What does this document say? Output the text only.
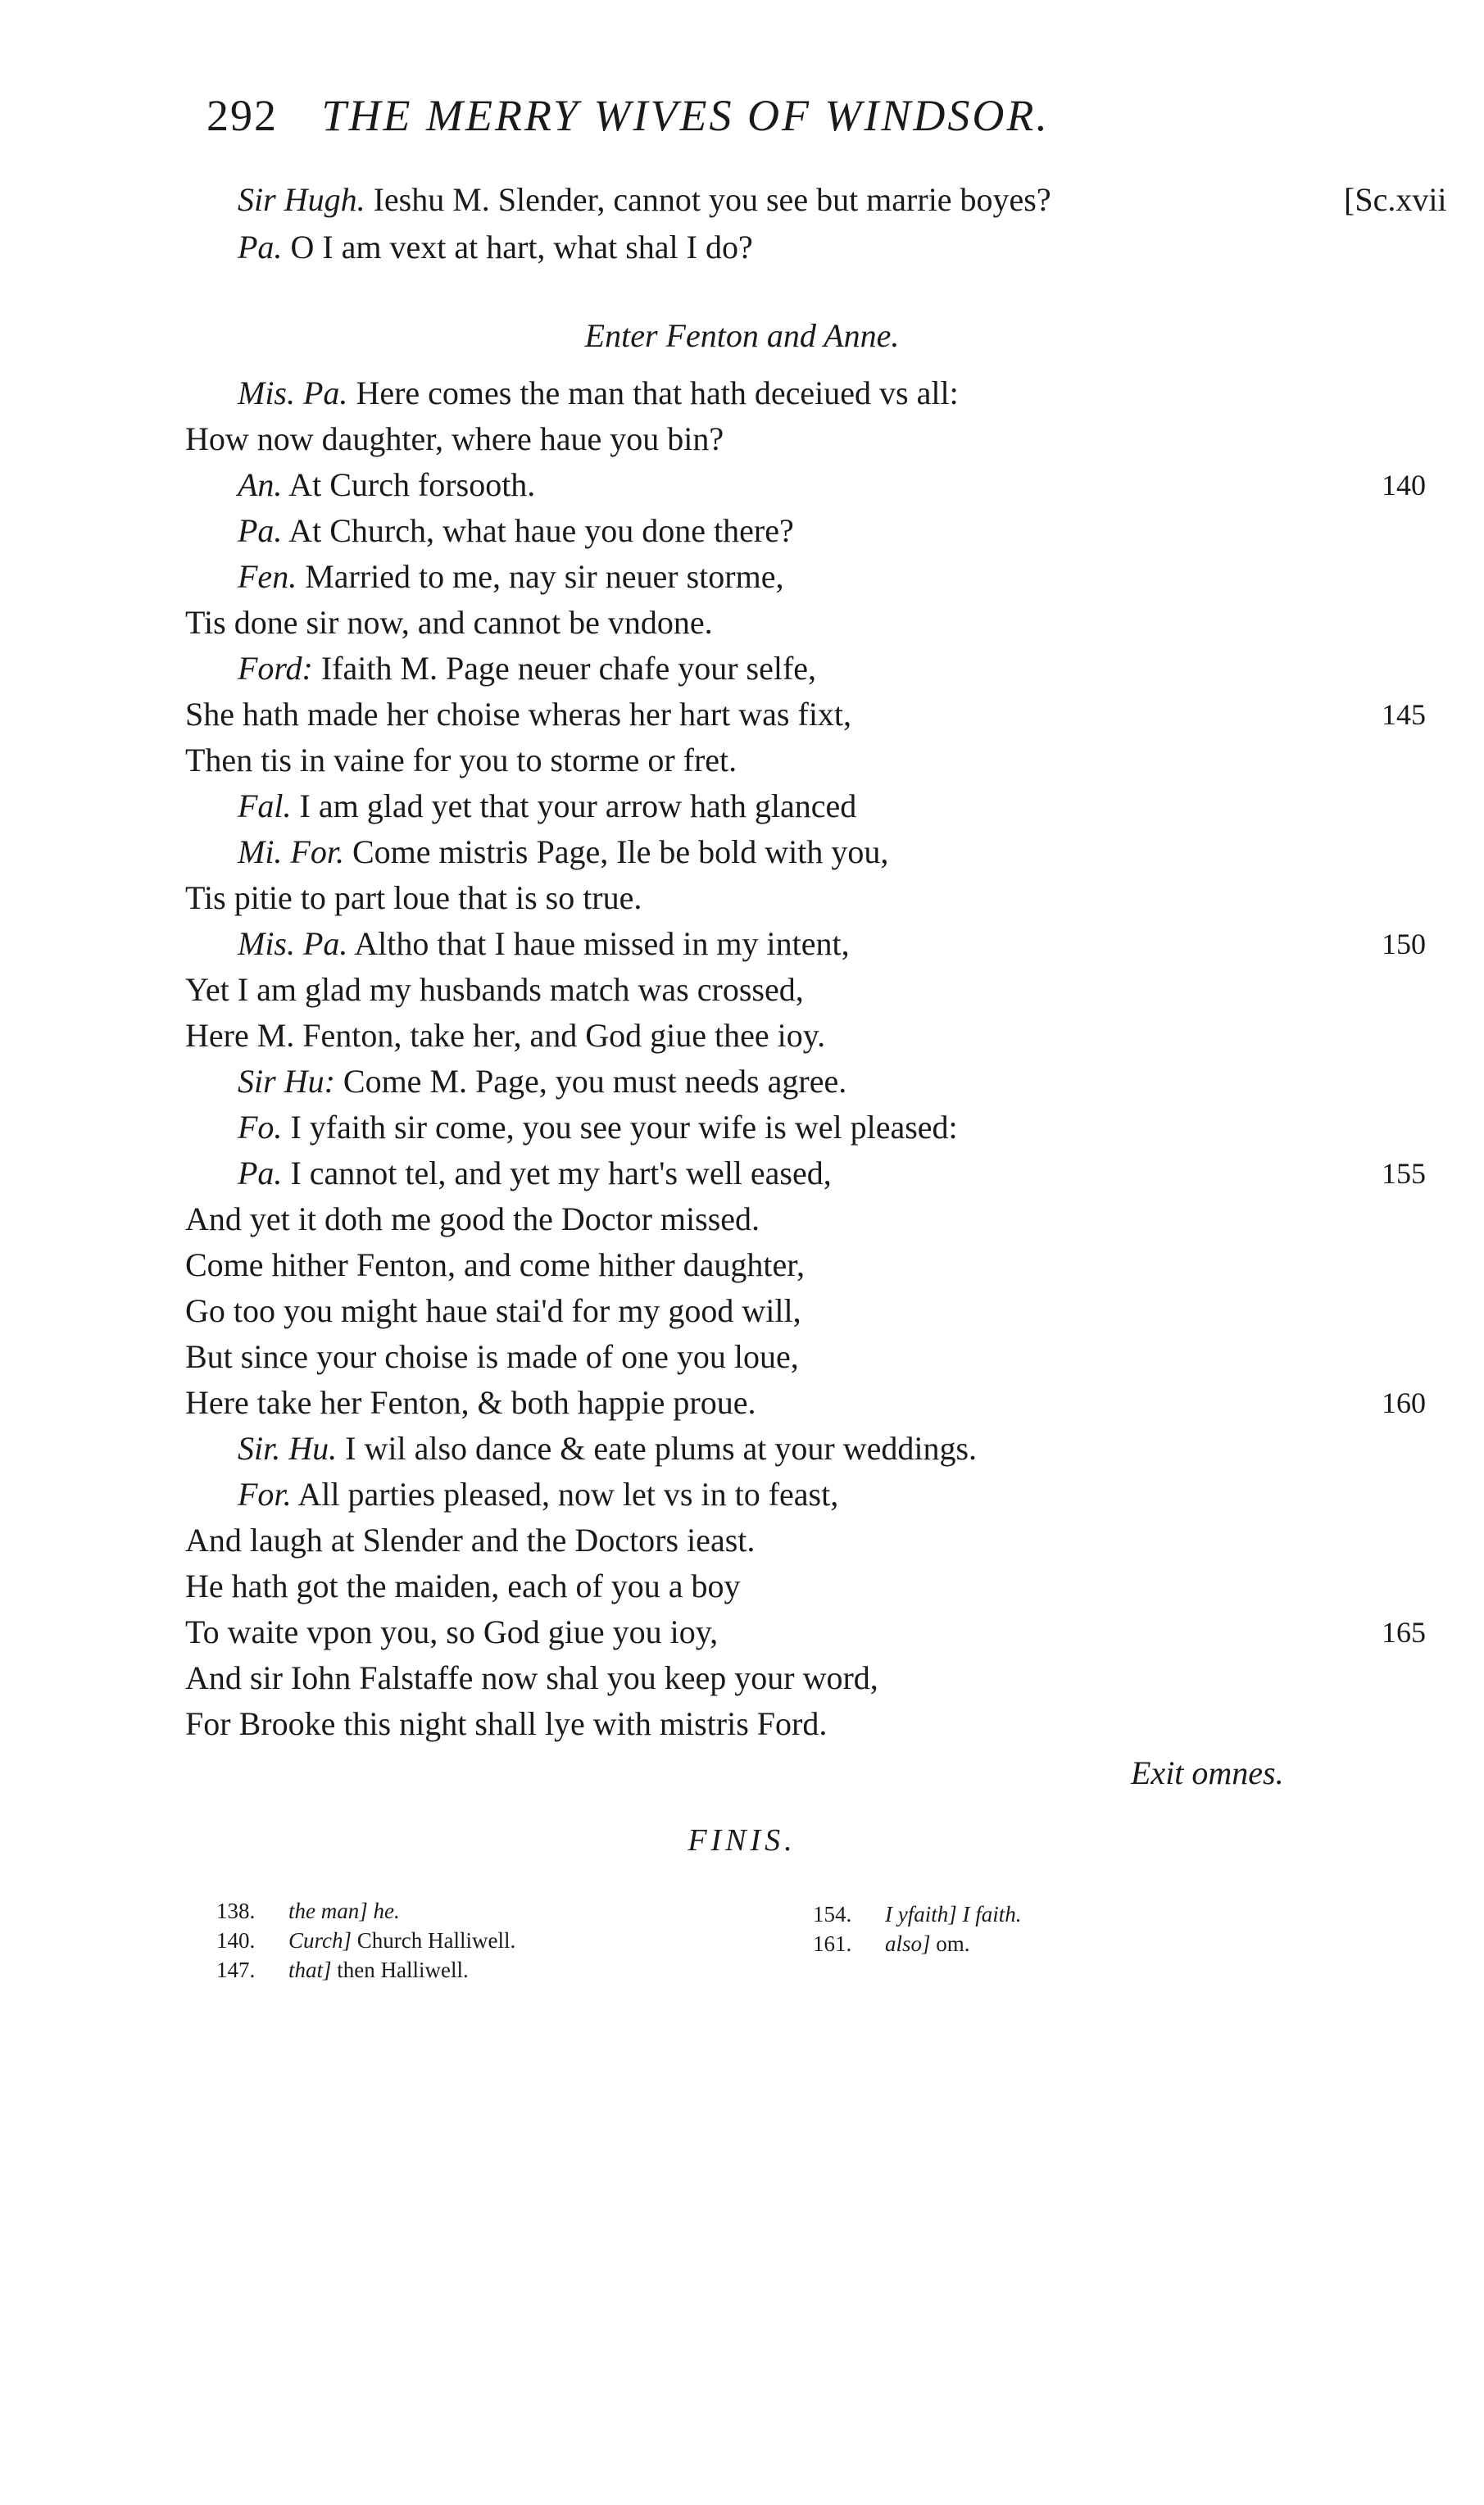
292 THE MERRY WIVES OF WINDSOR.
[Sc.xvii
Sir Hugh. Ieshu M. Slender, cannot you see but marrie boyes?
Pa. O I am vext at hart, what shal I do?
Enter Fenton and Anne.
Mis. Pa. Here comes the man that hath deceiued vs all:
How now daughter, where haue you bin?
An. At Curch forsooth.	140
Pa. At Church, what haue you done there?
Fen. Married to me, nay sir neuer storme,
Tis done sir now, and cannot be vndone.
Ford: Ifaith M. Page neuer chafe your selfe,
She hath made her choise wheras her hart was fixt,	145
Then tis in vaine for you to storme or fret.
Fal. I am glad yet that your arrow hath glanced
Mi. For. Come mistris Page, Ile be bold with you,
Tis pitie to part loue that is so true.
Mis. Pa. Altho that I haue missed in my intent,	150
Yet I am glad my husbands match was crossed,
Here M. Fenton, take her, and God giue thee ioy.
Sir Hu: Come M. Page, you must needs agree.
Fo. I yfaith sir come, you see your wife is wel pleased:
Pa. I cannot tel, and yet my hart's well eased,	155
And yet it doth me good the Doctor missed.
Come hither Fenton, and come hither daughter,
Go too you might haue stai'd for my good will,
But since your choise is made of one you loue,
Here take her Fenton, & both happie proue.	160
Sir. Hu. I wil also dance & eate plums at your weddings.
For. All parties pleased, now let vs in to feast,
And laugh at Slender and the Doctors ieast.
He hath got the maiden, each of you a boy
To waite vpon you, so God giue you ioy,	165
And sir Iohn Falstaffe now shal you keep your word,
For Brooke this night shall lye with mistris Ford.
Exit omnes.
FINIS.
138. the man] he.
140. Curch] Church Halliwell.
147. that] then Halliwell.
154. I yfaith] I faith.
161. also] om.
